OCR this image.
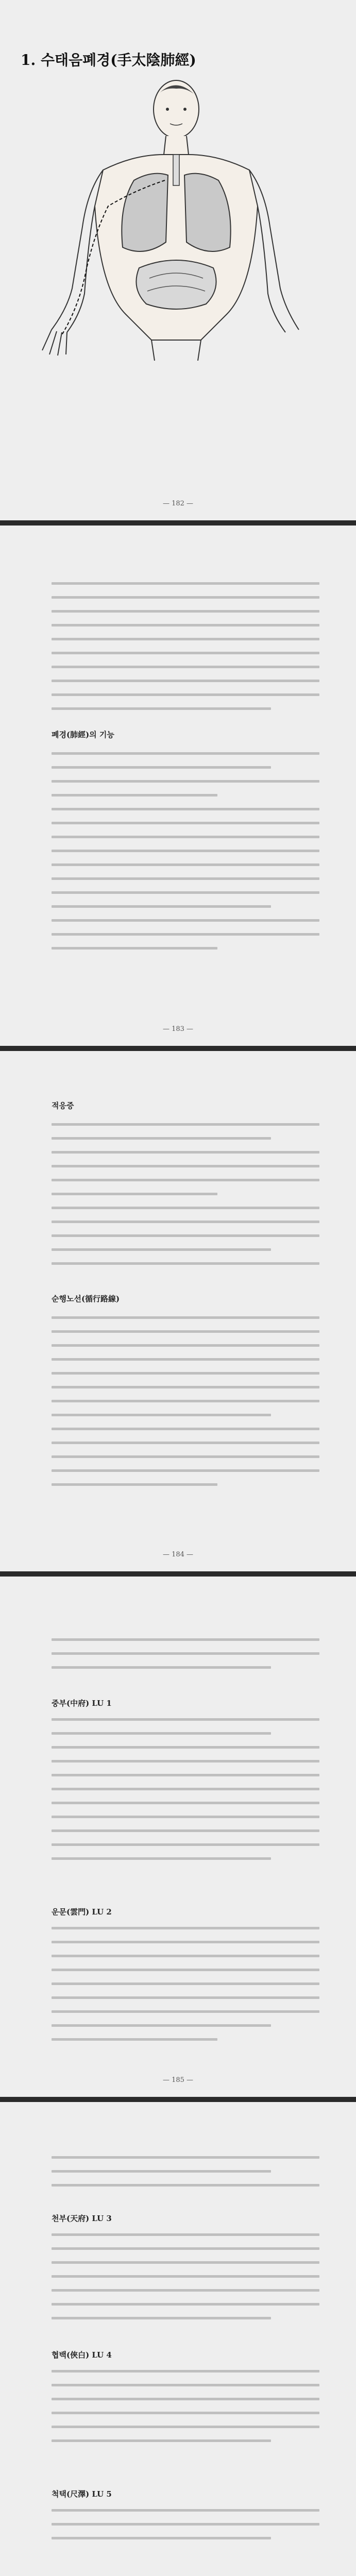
1. 수태음폐경(手太陰肺經)
— 182 —
폐경(肺經)의 기능
— 183 —
적응증
순행노선(循行路線)
— 184 —
중부(中府) LU 1
운문(雲門) LU 2
— 185 —
천부(天府) LU 3
협백(俠白) LU 4
척택(尺澤) LU 5
